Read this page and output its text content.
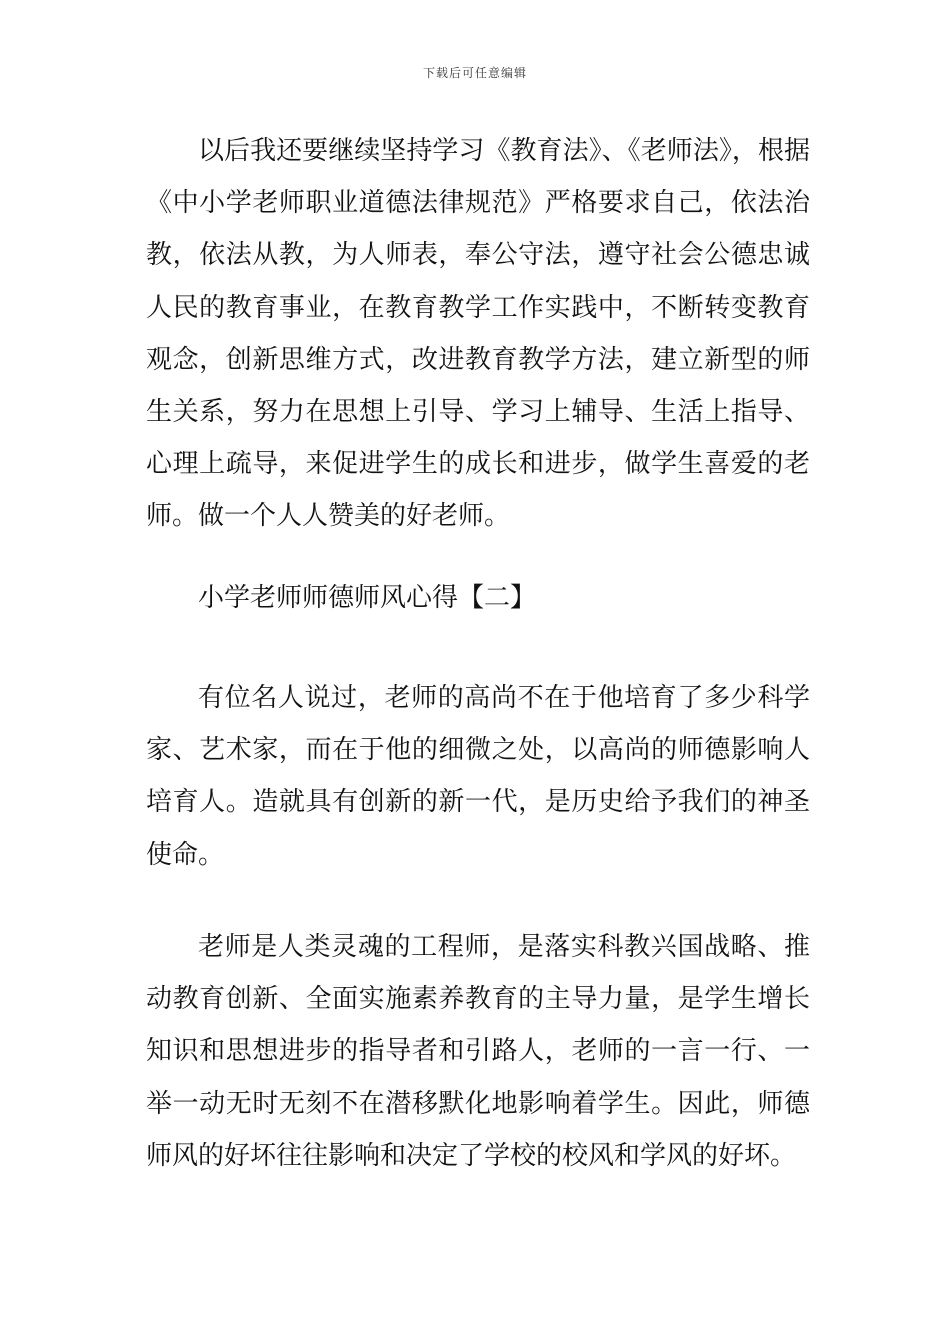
下载后可任意编辑

以后我还要继续坚持学习《教育法》、《老师法》，根据《中小学老师职业道德法律规范》严格要求自己，依法治教，依法从教，为人师表，奉公守法，遵守社会公德忠诚人民的教育事业，在教育教学工作实践中，不断转变教育观念，创新思维方式，改进教育教学方法，建立新型的师生关系，努力在思想上引导、学习上辅导、生活上指导、心理上疏导，来促进学生的成长和进步，做学生喜爱的老师。做一个人人赞美的好老师。

小学老师师德师风心得【二】

有位名人说过，老师的高尚不在于他培育了多少科学家、艺术家，而在于他的细微之处，以高尚的师德影响人培育人。造就具有创新的新一代，是历史给予我们的神圣使命。

老师是人类灵魂的工程师，是落实科教兴国战略、推动教育创新、全面实施素养教育的主导力量，是学生增长知识和思想进步的指导者和引路人，老师的一言一行、一举一动无时无刻不在潜移默化地影响着学生。因此，师德师风的好坏往往影响和决定了学校的校风和学风的好坏。
